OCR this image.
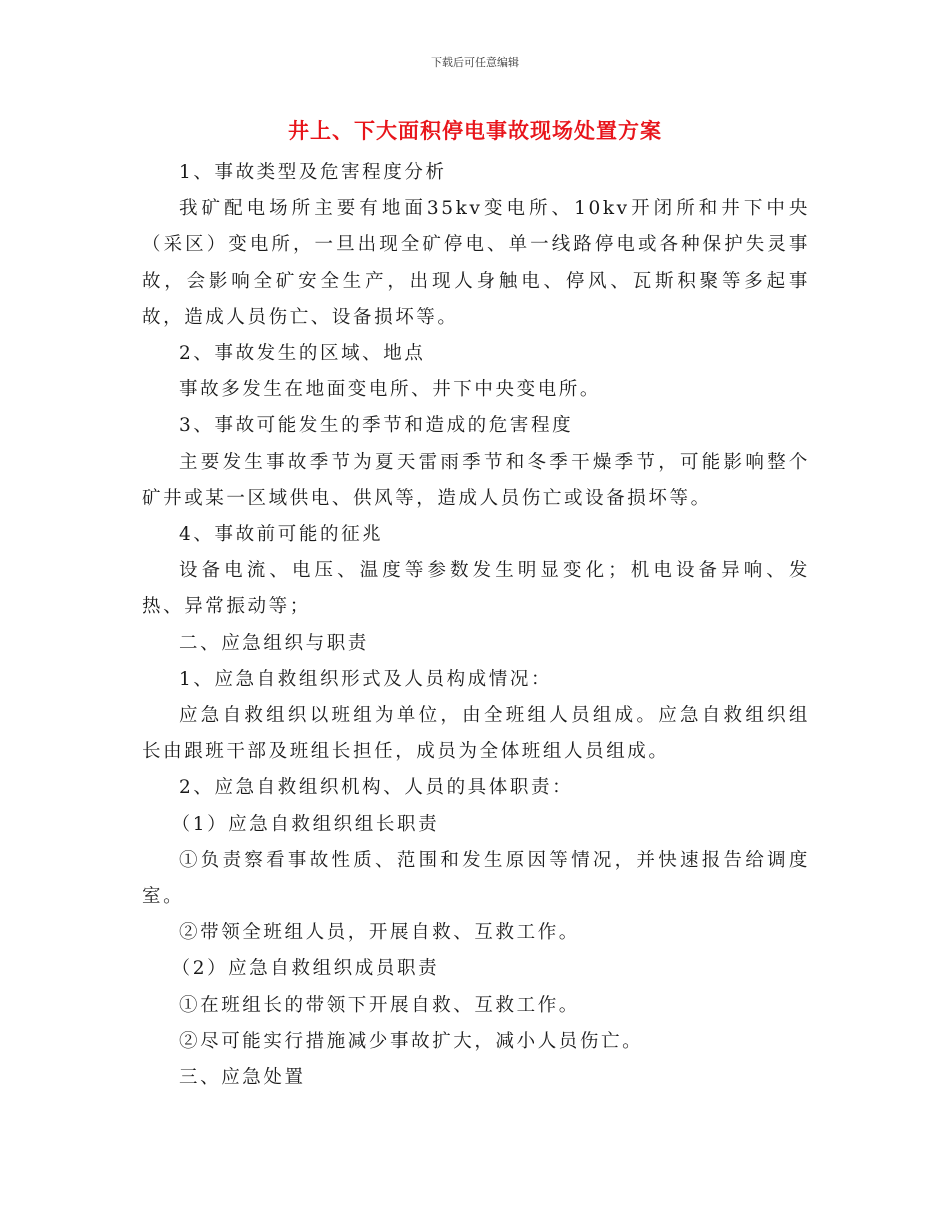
下载后可任意编辑
井上、下大面积停电事故现场处置方案

1、事故类型及危害程度分析

我矿配电场所主要有地面35kv变电所、10kv开闭所和井下中央（采区）变电所，一旦出现全矿停电、单一线路停电或各种保护失灵事故，会影响全矿安全生产，出现人身触电、停风、瓦斯积聚等多起事故，造成人员伤亡、设备损坏等。

2、事故发生的区域、地点

事故多发生在地面变电所、井下中央变电所。

3、事故可能发生的季节和造成的危害程度

主要发生事故季节为夏天雷雨季节和冬季干燥季节，可能影响整个矿井或某一区域供电、供风等，造成人员伤亡或设备损坏等。

4、事故前可能的征兆

设备电流、电压、温度等参数发生明显变化；机电设备异响、发热、异常振动等；

二、应急组织与职责

1、应急自救组织形式及人员构成情况：

应急自救组织以班组为单位，由全班组人员组成。应急自救组织组长由跟班干部及班组长担任，成员为全体班组人员组成。

2、应急自救组织机构、人员的具体职责：

（1）应急自救组织组长职责

①负责察看事故性质、范围和发生原因等情况，并快速报告给调度室。

②带领全班组人员，开展自救、互救工作。

（2）应急自救组织成员职责

①在班组长的带领下开展自救、互救工作。

②尽可能实行措施减少事故扩大，减小人员伤亡。

三、应急处置
